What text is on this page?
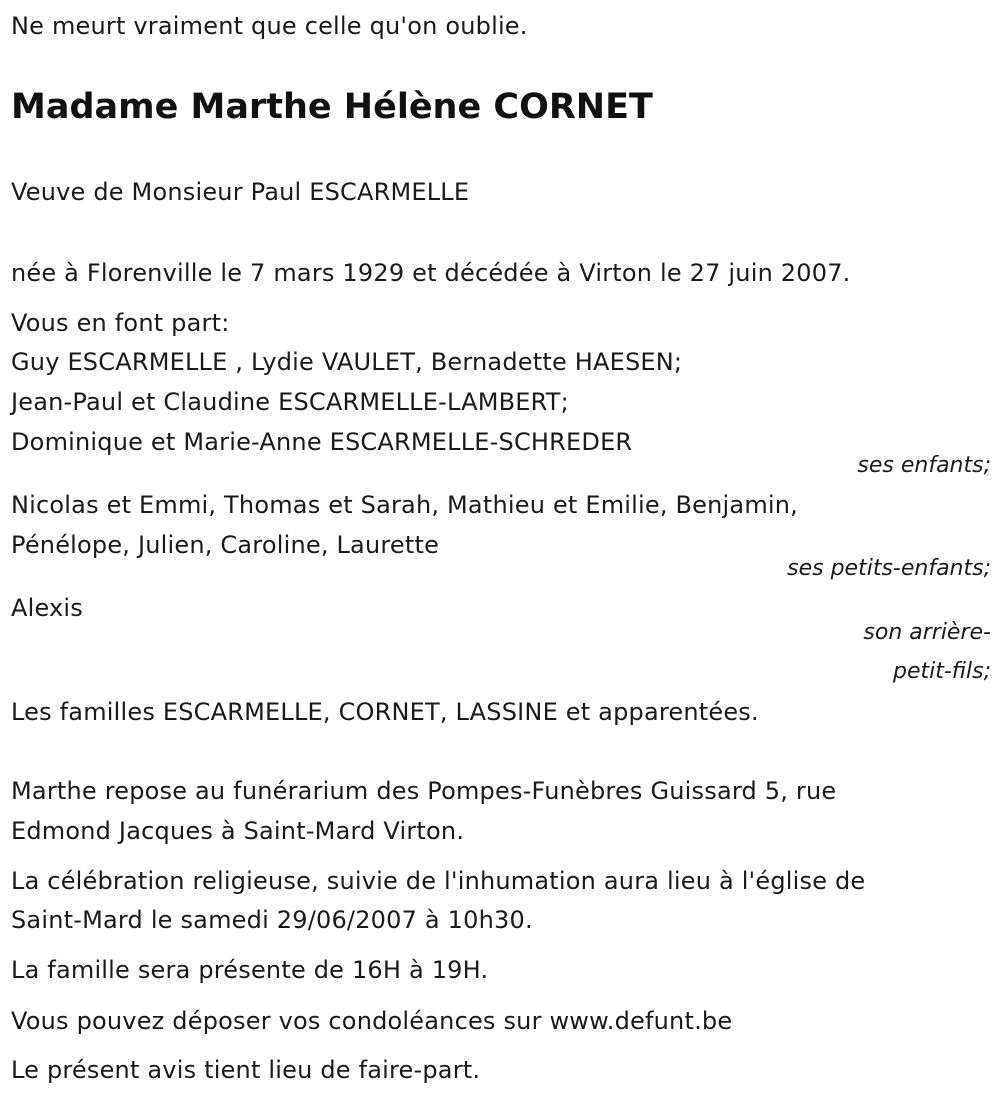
Ne meurt vraiment que celle qu'on oublie.
Madame Marthe Hélène CORNET
Veuve de Monsieur Paul ESCARMELLE
née à Florenville le 7 mars 1929 et décédée à Virton le 27 juin 2007.
Vous en font part:
Guy ESCARMELLE , Lydie VAULET, Bernadette HAESEN;
Jean-Paul et Claudine ESCARMELLE-LAMBERT;
Dominique et Marie-Anne ESCARMELLE-SCHREDER
ses enfants;
Nicolas et Emmi, Thomas et Sarah, Mathieu et Emilie, Benjamin,
Pénélope, Julien, Caroline, Laurette
ses petits-enfants;
Alexis
son arrière-
petit-fils;
Les familles ESCARMELLE, CORNET, LASSINE et apparentées.
Marthe repose au funérarium des Pompes-Funèbres Guissard 5, rue
Edmond Jacques à Saint-Mard Virton.
La célébration religieuse, suivie de l'inhumation aura lieu à l'église de
Saint-Mard le samedi 29/06/2007 à 10h30.
La famille sera présente de 16H à 19H.
Vous pouvez déposer vos condoléances sur www.defunt.be
Le présent avis tient lieu de faire-part.
